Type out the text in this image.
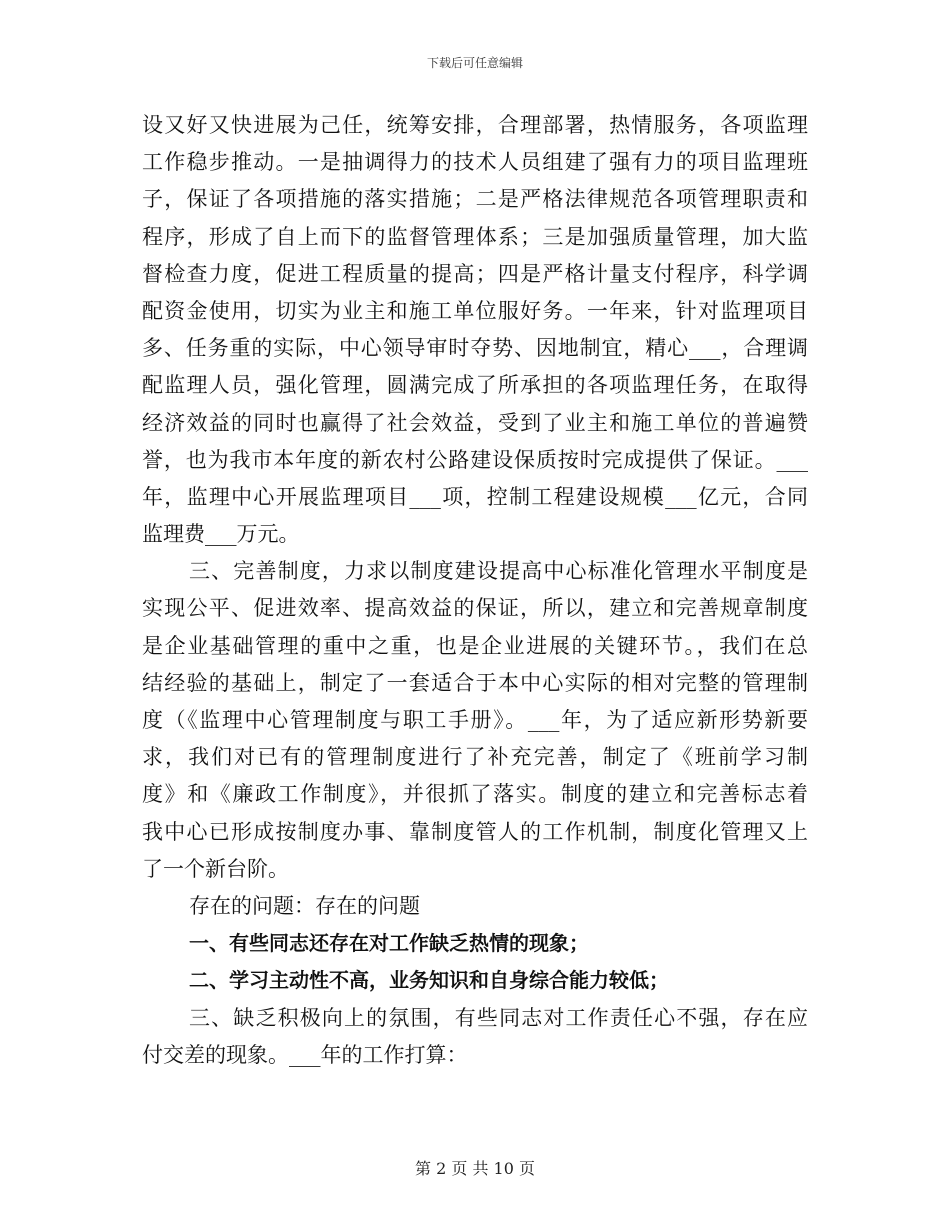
下载后可任意编辑
设又好又快进展为己任，统筹安排，合理部署，热情服务，各项监理
工作稳步推动。一是抽调得力的技术人员组建了强有力的项目监理班
子，保证了各项措施的落实措施；二是严格法律规范各项管理职责和
程序，形成了自上而下的监督管理体系；三是加强质量管理，加大监
督检查力度，促进工程质量的提高；四是严格计量支付程序，科学调
配资金使用，切实为业主和施工单位服好务。一年来，针对监理项目
多、任务重的实际，中心领导审时夺势、因地制宜，精心___，合理调
配监理人员，强化管理，圆满完成了所承担的各项监理任务，在取得
经济效益的同时也赢得了社会效益，受到了业主和施工单位的普遍赞
誉，也为我市本年度的新农村公路建设保质按时完成提供了保证。___
年，监理中心开展监理项目___项，控制工程建设规模___亿元，合同
监理费___万元。
三、完善制度，力求以制度建设提高中心标准化管理水平制度是
实现公平、促进效率、提高效益的保证，所以，建立和完善规章制度
是企业基础管理的重中之重，也是企业进展的关键环节。，我们在总
结经验的基础上，制定了一套适合于本中心实际的相对完整的管理制
度（《监理中心管理制度与职工手册》。___年，为了适应新形势新要
求，我们对已有的管理制度进行了补充完善，制定了《班前学习制
度》和《廉政工作制度》，并很抓了落实。制度的建立和完善标志着
我中心已形成按制度办事、靠制度管人的工作机制，制度化管理又上
了一个新台阶。
存在的问题：存在的问题
一、有些同志还存在对工作缺乏热情的现象；
二、学习主动性不高，业务知识和自身综合能力较低；
三、缺乏积极向上的氛围，有些同志对工作责任心不强，存在应
付交差的现象。___年的工作打算：
第 2 页 共 10 页
